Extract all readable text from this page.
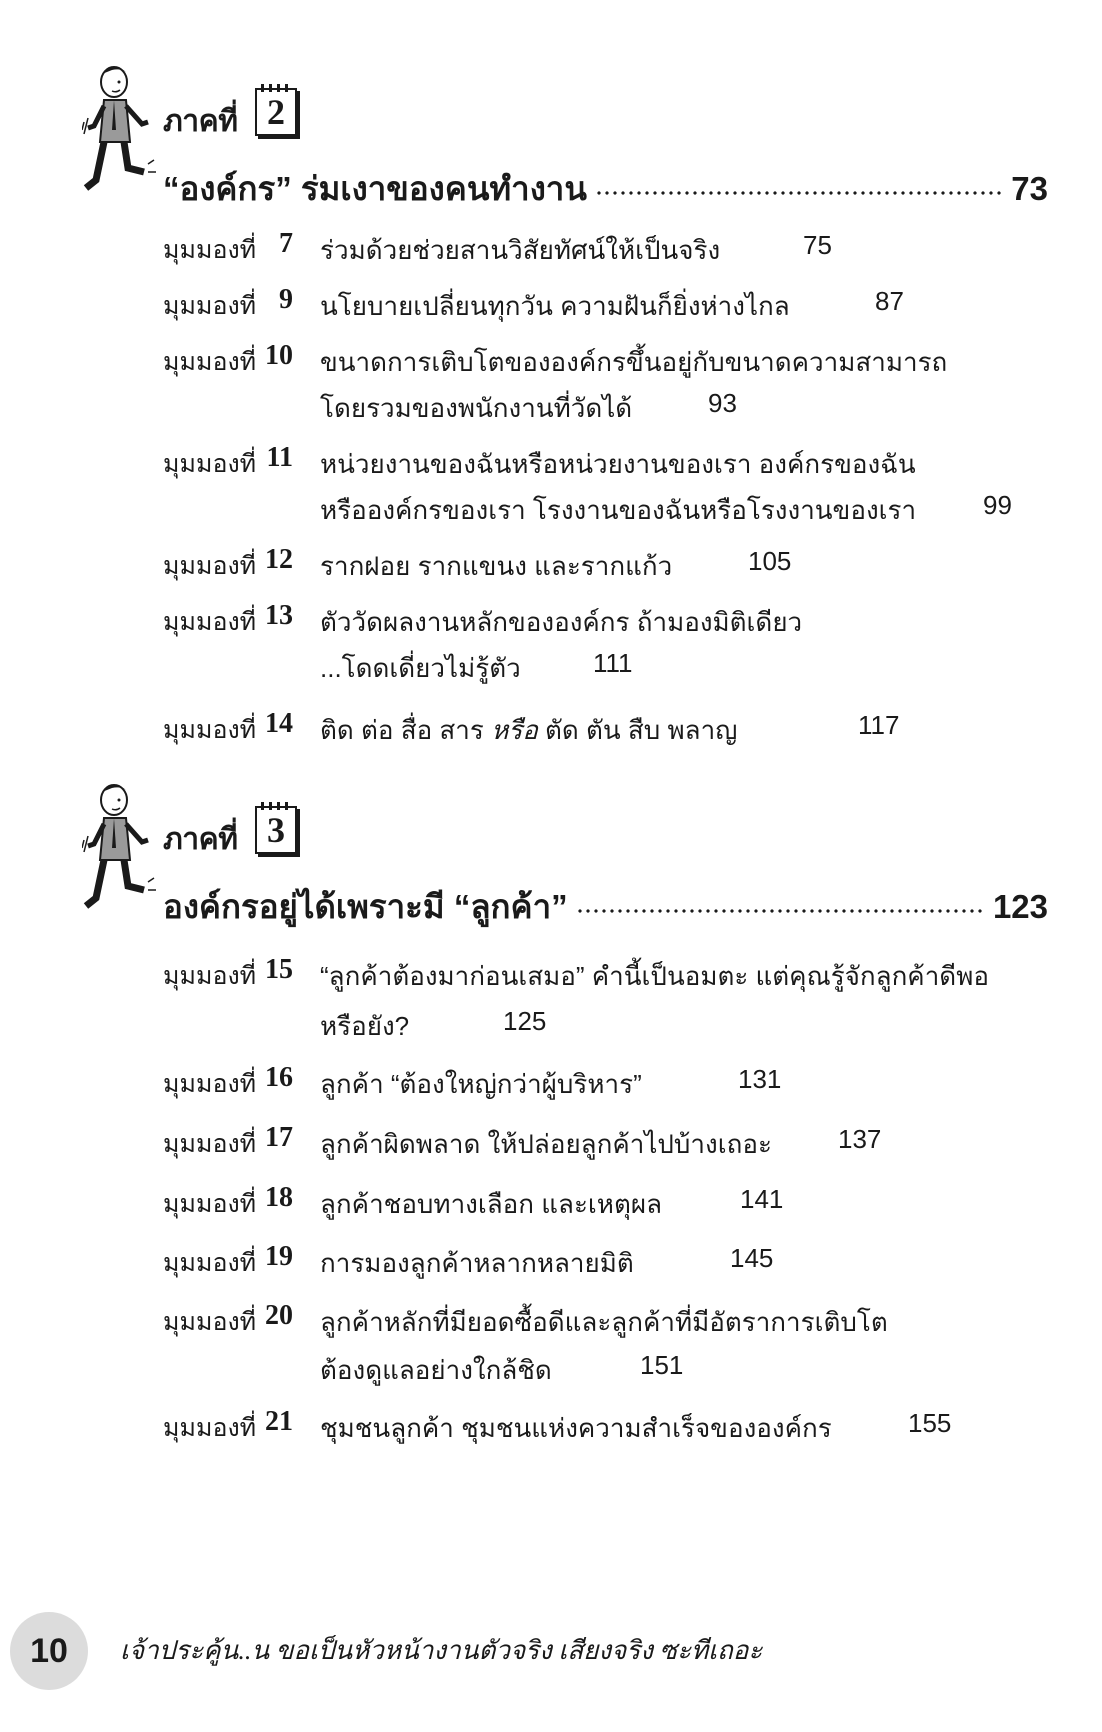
ภาคที่ 2
“องค์กร” ร่มเงาของคนทำงาน	73
มุมมองที่ 7 ร่วมด้วยช่วยสานวิสัยทัศน์ให้เป็นจริง	75
มุมมองที่ 9 นโยบายเปลี่ยนทุกวัน ความฝันก็ยิ่งห่างไกล	87
มุมมองที่ 10 ขนาดการเติบโตขององค์กรขึ้นอยู่กับขนาดความสามารถ
โดยรวมของพนักงานที่วัดได้	93
มุมมองที่ 11 หน่วยงานของฉันหรือหน่วยงานของเรา องค์กรของฉัน
หรือองค์กรของเรา โรงงานของฉันหรือโรงงานของเรา	99
มุมมองที่ 12 รากฝอย รากแขนง และรากแก้ว	105
มุมมองที่ 13 ตัววัดผลงานหลักขององค์กร ถ้ามองมิติเดียว
...โดดเดี่ยวไม่รู้ตัว	111
มุมมองที่ 14 ติด ต่อ สื่อ สาร หรือ ตัด ตัน สืบ พลาญ	117
ภาคที่ 3
องค์กรอยู่ได้เพราะมี “ลูกค้า”	123
มุมมองที่ 15 “ลูกค้าต้องมาก่อนเสมอ” คำนี้เป็นอมตะ แต่คุณรู้จักลูกค้าดีพอ
หรือยัง?	125
มุมมองที่ 16 ลูกค้า “ต้องใหญ่กว่าผู้บริหาร”	131
มุมมองที่ 17 ลูกค้าผิดพลาด ให้ปล่อยลูกค้าไปบ้างเถอะ	137
มุมมองที่ 18 ลูกค้าชอบทางเลือก และเหตุผล	141
มุมมองที่ 19 การมองลูกค้าหลากหลายมิติ	145
มุมมองที่ 20 ลูกค้าหลักที่มียอดซื้อดีและลูกค้าที่มีอัตราการเติบโต
ต้องดูแลอย่างใกล้ชิด	151
มุมมองที่ 21 ชุมชนลูกค้า ชุมชนแห่งความสำเร็จขององค์กร	155
10	เจ้าประคู้น..น ขอเป็นหัวหน้างานตัวจริง เสียงจริง ซะทีเถอะ
